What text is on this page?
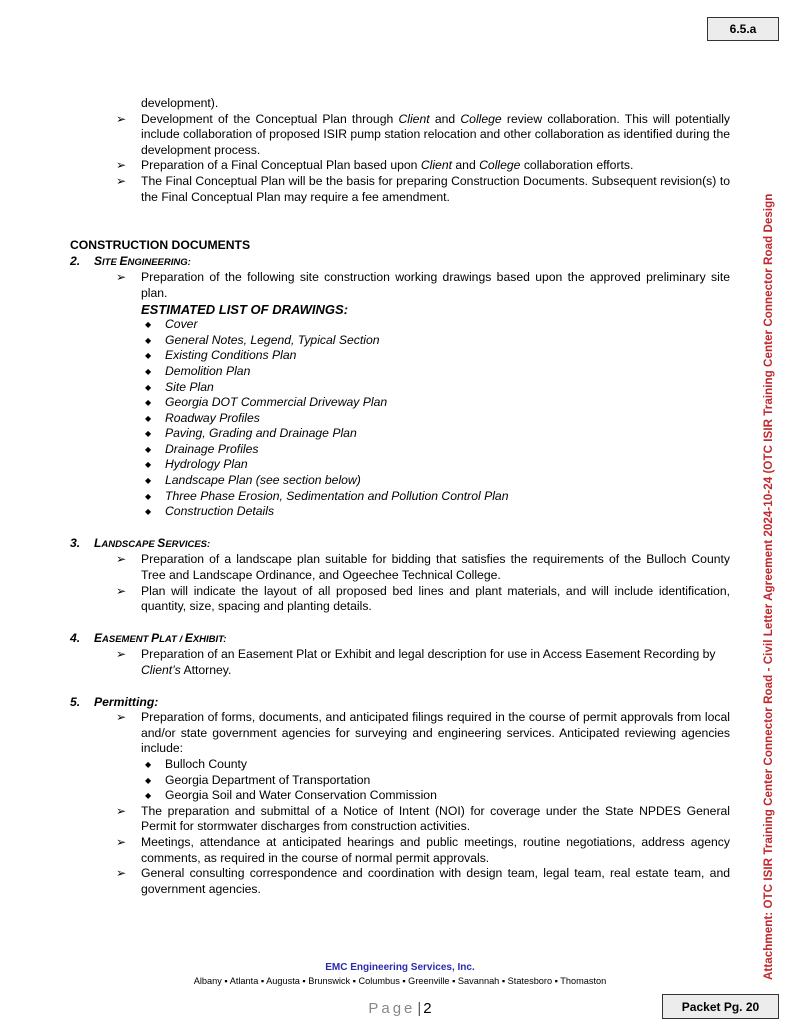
6.5.a
Attachment: OTC ISIR Training Center Connector Road - Civil Letter Agreement 2024-10-24 (OTC ISIR Training Center Connector Road Design
development).
➢ Development of the Conceptual Plan through Client and College review collaboration. This will potentially include collaboration of proposed ISIR pump station relocation and other collaboration as identified during the development process.
➢ Preparation of a Final Conceptual Plan based upon Client and College collaboration efforts.
➢ The Final Conceptual Plan will be the basis for preparing Construction Documents. Subsequent revision(s) to the Final Conceptual Plan may require a fee amendment.
CONSTRUCTION DOCUMENTS
2. SITE ENGINEERING:
➢ Preparation of the following site construction working drawings based upon the approved preliminary site plan.
ESTIMATED LIST OF DRAWINGS:
◆ Cover
◆ General Notes, Legend, Typical Section
◆ Existing Conditions Plan
◆ Demolition Plan
◆ Site Plan
◆ Georgia DOT Commercial Driveway Plan
◆ Roadway Profiles
◆ Paving, Grading and Drainage Plan
◆ Drainage Profiles
◆ Hydrology Plan
◆ Landscape Plan (see section below)
◆ Three Phase Erosion, Sedimentation and Pollution Control Plan
◆ Construction Details
3. LANDSCAPE SERVICES:
➢ Preparation of a landscape plan suitable for bidding that satisfies the requirements of the Bulloch County Tree and Landscape Ordinance, and Ogeechee Technical College.
➢ Plan will indicate the layout of all proposed bed lines and plant materials, and will include identification, quantity, size, spacing and planting details.
4. EASEMENT PLAT / EXHIBIT:
➢ Preparation of an Easement Plat or Exhibit and legal description for use in Access Easement Recording by Client’s Attorney.
5. Permitting:
➢ Preparation of forms, documents, and anticipated filings required in the course of permit approvals from local and/or state government agencies for surveying and engineering services. Anticipated reviewing agencies include:
◆ Bulloch County
◆ Georgia Department of Transportation
◆ Georgia Soil and Water Conservation Commission
➢ The preparation and submittal of a Notice of Intent (NOI) for coverage under the State NPDES General Permit for stormwater discharges from construction activities.
➢ Meetings, attendance at anticipated hearings and public meetings, routine negotiations, address agency comments, as required in the course of normal permit approvals.
➢ General consulting correspondence and coordination with design team, legal team, real estate team, and government agencies.
EMC Engineering Services, Inc.
Albany ▪ Atlanta ▪ Augusta ▪ Brunswick ▪ Columbus ▪ Greenville ▪ Savannah ▪ Statesboro ▪ Thomaston
Page | 2	Packet Pg. 20
